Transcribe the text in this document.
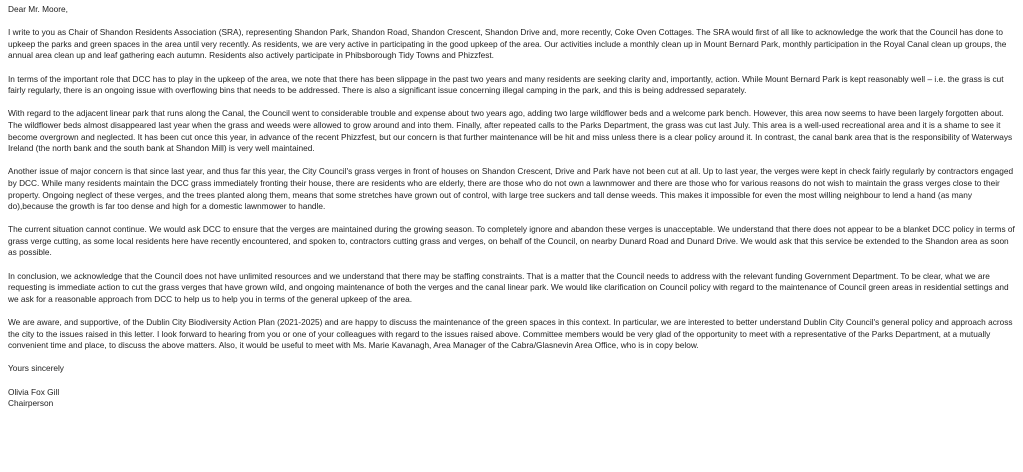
Dear Mr. Moore,

I write to you as Chair of Shandon Residents Association (SRA), representing Shandon Park, Shandon Road, Shandon Crescent, Shandon Drive and, more recently, Coke Oven Cottages. The SRA would first of all like to acknowledge the work that the Council has done to upkeep the parks and green spaces in the area until very recently. As residents, we are very active in participating in the good upkeep of the area. Our activities include a monthly clean up in Mount Bernard Park, monthly participation in the Royal Canal clean up groups, the annual area clean up and leaf gathering each autumn. Residents also actively participate in Phibsborough Tidy Towns and Phizzfest.

In terms of the important role that DCC has to play in the upkeep of the area, we note that there has been slippage in the past two years and many residents are seeking clarity and, importantly, action. While Mount Bernard Park is kept reasonably well – i.e. the grass is cut fairly regularly, there is an ongoing issue with overflowing bins that needs to be addressed. There is also a significant issue concerning illegal camping in the park, and this is being addressed separately.

With regard to the adjacent linear park that runs along the Canal, the Council went to considerable trouble and expense about two years ago, adding two large wildflower beds and a welcome park bench. However, this area now seems to have been largely forgotten about. The wildflower beds almost disappeared last year when the grass and weeds were allowed to grow around and into them. Finally, after repeated calls to the Parks Department, the grass was cut last July. This area is a well-used recreational area and it is a shame to see it become overgrown and neglected. It has been cut once this year, in advance of the recent Phizzfest, but our concern is that further maintenance will be hit and miss unless there is a clear policy around it. In contrast, the canal bank area that is the responsibility of Waterways Ireland (the north bank and the south bank at Shandon Mill) is very well maintained.

Another issue of major concern is that since last year, and thus far this year, the City Council's grass verges in front of houses on Shandon Crescent, Drive and Park have not been cut at all. Up to last year, the verges were kept in check fairly regularly by contractors engaged by DCC. While many residents maintain the DCC grass immediately fronting their house, there are residents who are elderly, there are those who do not own a lawnmower and there are those who for various reasons do not wish to maintain the grass verges close to their property. Ongoing neglect of these verges, and the trees planted along them, means that some stretches have grown out of control, with large tree suckers and tall dense weeds. This makes it impossible for even the most willing neighbour to lend a hand (as many do),because the growth is far too dense and high for a domestic lawnmower to handle.

The current situation cannot continue. We would ask DCC to ensure that the verges are maintained during the growing season. To completely ignore and abandon these verges is unacceptable. We understand that there does not appear to be a blanket DCC policy in terms of grass verge cutting, as some local residents here have recently encountered, and spoken to, contractors cutting grass and verges, on behalf of the Council, on nearby Dunard Road and Dunard Drive. We would ask that this service be extended to the Shandon area as soon as possible.

In conclusion, we acknowledge that the Council does not have unlimited resources and we understand that there may be staffing constraints. That is a matter that the Council needs to address with the relevant funding Government Department. To be clear, what we are requesting is immediate action to cut the grass verges that have grown wild, and ongoing maintenance of both the verges and the canal linear park. We would like clarification on Council policy with regard to the maintenance of Council green areas in residential settings and we ask for a reasonable approach from DCC to help us to help you in terms of the general upkeep of the area.

We are aware, and supportive, of the Dublin City Biodiversity Action Plan (2021-2025) and are happy to discuss the maintenance of the green spaces in this context. In particular, we are interested to better understand Dublin City Council's general policy and approach across the city to the issues raised in this letter. I look forward to hearing from you or one of your colleagues with regard to the issues raised above. Committee members would be very glad of the opportunity to meet with a representative of the Parks Department, at a mutually convenient time and place, to discuss the above matters. Also, it would be useful to meet with Ms. Marie Kavanagh, Area Manager of the Cabra/Glasnevin Area Office, who is in copy below.

Yours sincerely

Olivia Fox Gill
Chairperson
